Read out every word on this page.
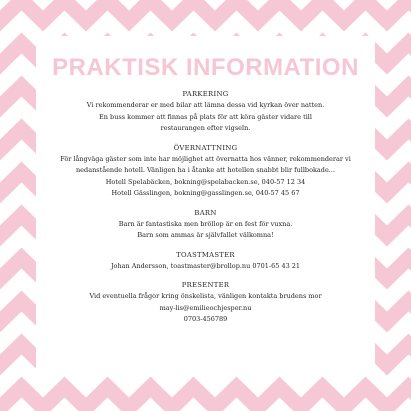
PRAKTISK INFORMATION

PARKERING

Vi rekommenderar er med bilar att lämna dessa vid kyrkan över natten.
En buss kommer att finnas på plats för att köra gäster vidare till
restaurangen efter vigseln.

ÖVERNATTNING

För långväga gäster som inte har möjlighet att övernatta hos vänner, rekommenderar vi
nedanstående hotell. Vänligen ha i åtanke att hotellen snabbt blir fullbokade...
Hotell Spelabäcken, bokning@spelabacken.se, 040-57 12 34
Hotell Gässlingen, bokning@gasslingen.se, 040-57 45 67

BARN

Barn är fantastiska men bröllop är en fest för vuxna.
Barn som ammas är självfallet välkomna!

TOASTMASTER

Johan Andersson, toastmaster@brollop.nu 0701-65 43 21

PRESENTER

Vid eventuella frågor kring önskelista, vänligen kontakta brudens mor
may-lis@emilieochjesper.nu
0703-456789
